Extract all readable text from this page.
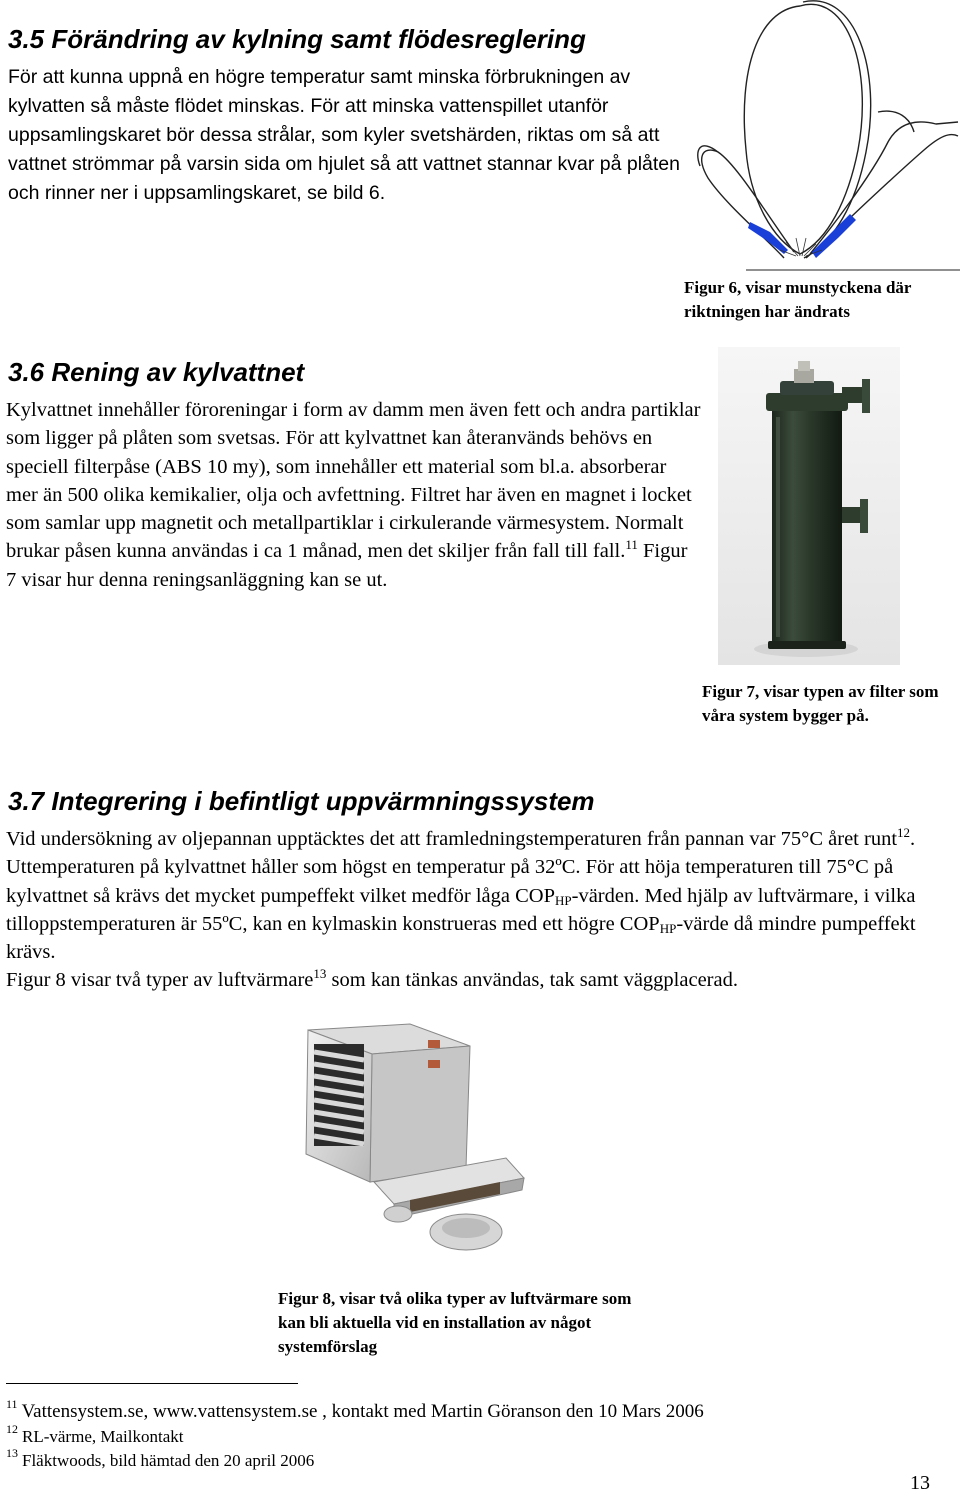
3.5 Förändring av kylning samt flödesreglering

För att kunna uppnå en högre temperatur samt minska förbrukningen av kylvatten så måste flödet minskas. För att minska vattenspillet utanför uppsamlingskaret bör dessa strålar, som kyler svetshärden, riktas om så att vattnet strömmar på varsin sida om hjulet så att vattnet stannar kvar på plåten och rinner ner i uppsamlingskaret, se bild 6.

Figur 6, visar munstyckena där riktningen har ändrats

3.6 Rening av kylvattnet

Kylvattnet innehåller föroreningar i form av damm men även fett och andra partiklar som ligger på plåten som svetsas. För att kylvattnet kan återanvänds behövs en speciell filterpåse (ABS 10 my), som innehåller ett material som bl.a. absorberar mer än 500 olika kemikalier, olja och avfettning. Filtret har även en magnet i locket som samlar upp magnetit och metallpartiklar i cirkulerande värmesystem. Normalt brukar påsen kunna användas i ca 1 månad, men det skiljer från fall till fall.$^{11}$ Figur 7 visar hur denna reningsanläggning kan se ut.

Figur 7, visar typen av filter som våra system bygger på.

3.7 Integrering i befintligt uppvärmningssystem

Vid undersökning av oljepannan upptäcktes det att framledningstemperaturen från pannan var 75°C året runt$^{12}$. Uttemperaturen på kylvattnet håller som högst en temperatur på 32ºC. För att höja temperaturen till 75°C på kylvattnet så krävs det mycket pumpeffekt vilket medför låga $COP_{HP}$-värden. Med hjälp av luftvärmare, i vilka tilloppstemperaturen är 55ºC, kan en kylmaskin konstrueras med ett högre $COP_{HP}$-värde då mindre pumpeffekt krävs.

Figur 8 visar två typer av luftvärmare$^{13}$ som kan tänkas användas, tak samt väggplacerad.

Figur 8, visar två olika typer av luftvärmare som kan bli aktuella vid en installation av något systemförslag

$^{11}$ Vattensystem.se, www.vattensystem.se , kontakt med Martin Göranson den 10 Mars 2006
$^{12}$ RL-värme, Mailkontakt
$^{13}$ Fläktwoods, bild hämtad den 20 april 2006
13
